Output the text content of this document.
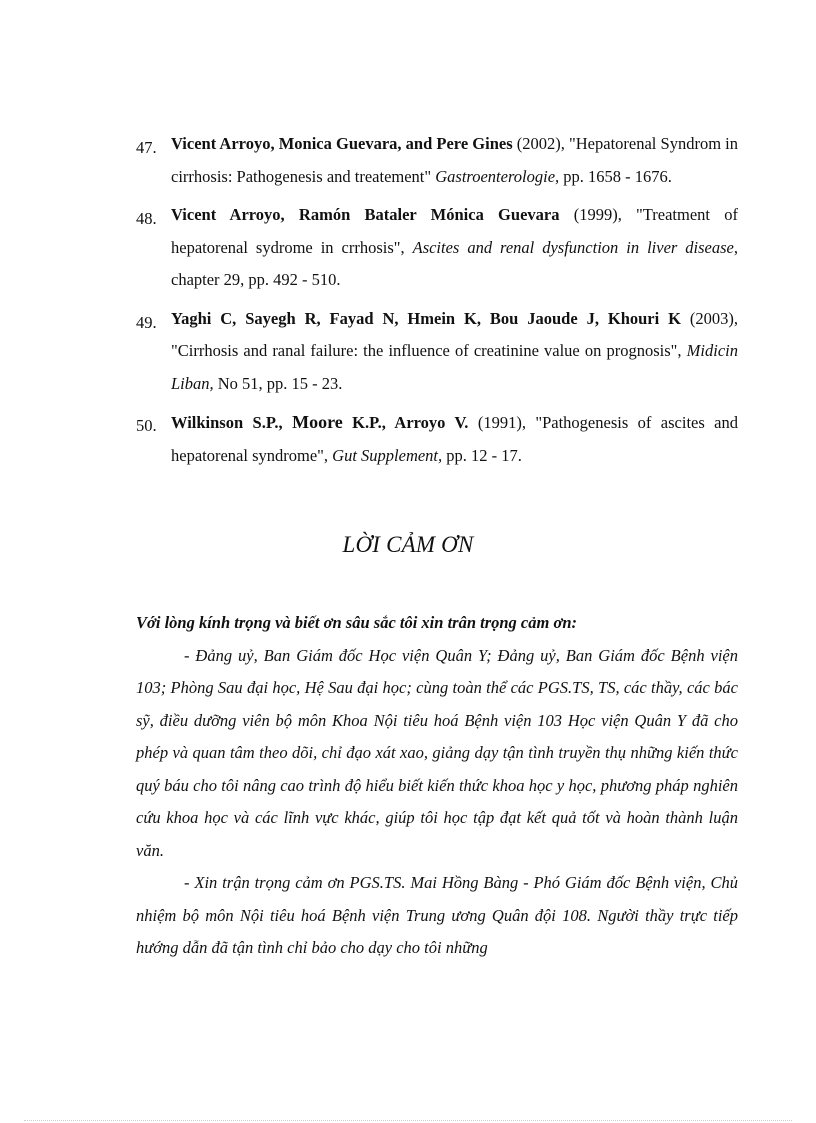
47. Vicent Arroyo, Monica Guevara, and Pere Gines (2002), "Hepatorenal Syndrom in cirrhosis: Pathogenesis and treatement" Gastroenterologie, pp. 1658 - 1676.
48. Vicent Arroyo, Ramón Bataler Mónica Guevara (1999), "Treatment of hepatorenal sydrome in crrhosis", Ascites and renal dysfunction in liver disease, chapter 29, pp. 492 - 510.
49. Yaghi C, Sayegh R, Fayad N, Hmein K, Bou Jaoude J, Khouri K (2003), "Cirrhosis and ranal failure: the influence of creatinine value on prognosis", Midicin Liban, No 51, pp. 15 - 23.
50. Wilkinson S.P., Moore K.P., Arroyo V. (1991), "Pathogenesis of ascites and hepatorenal syndrome", Gut Supplement, pp. 12 - 17.
LỜI CẢM ƠN

Với lòng kính trọng và biết ơn sâu sắc tôi xin trân trọng cảm ơn:

- Đảng uỷ, Ban Giám đốc Học viện Quân Y; Đảng uỷ, Ban Giám đốc Bệnh viện 103; Phòng Sau đại học, Hệ Sau đại học; cùng toàn thể các PGS.TS, TS, các thầy, các bác sỹ, điều dưỡng viên bộ môn Khoa Nội tiêu hoá Bệnh viện 103 Học viện Quân Y đã cho phép và quan tâm theo dõi, chỉ đạo xát xao, giảng dạy tận tình truyền thụ những kiến thức quý báu cho tôi nâng cao trình độ hiểu biết kiến thức khoa học y học, phương pháp nghiên cứu khoa học và các lĩnh vực khác, giúp tôi học tập đạt kết quả tốt và hoàn thành luận văn.

- Xin trận trọng cảm ơn PGS.TS. Mai Hồng Bàng - Phó Giám đốc Bệnh viện, Chủ nhiệm bộ môn Nội tiêu hoá Bệnh viện Trung ương Quân đội 108. Người thầy trực tiếp hướng dẫn đã tận tình chỉ bảo cho dạy cho tôi những
